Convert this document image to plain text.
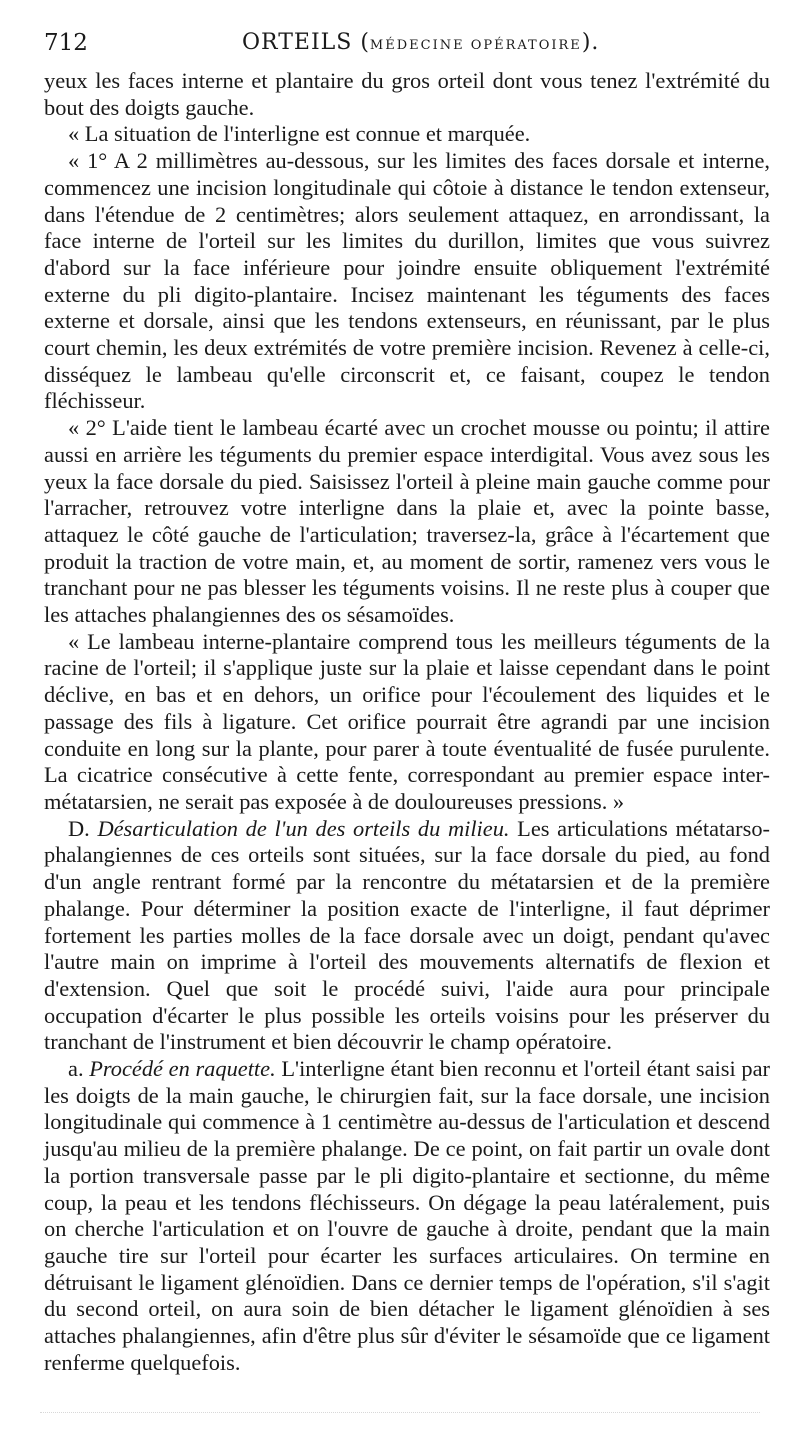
712	ORTEILS (MÉDECINE OPÉRATOIRE).

yeux les faces interne et plantaire du gros orteil dont vous tenez l'extrémité du bout des doigts gauche.

« La situation de l'interligne est connue et marquée.

« 1° A 2 millimètres au-dessous, sur les limites des faces dorsale et interne, commencez une incision longitudinale qui côtoie à distance le tendon extenseur, dans l'étendue de 2 centimètres; alors seulement attaquez, en arrondissant, la face interne de l'orteil sur les limites du durillon, limites que vous suivrez d'abord sur la face inférieure pour joindre ensuite obliquement l'extrémité externe du pli digito-plantaire. Incisez maintenant les téguments des faces externe et dorsale, ainsi que les tendons extenseurs, en réunissant, par le plus court chemin, les deux extrémités de votre première incision. Revenez à celle-ci, disséquez le lambeau qu'elle circonscrit et, ce faisant, coupez le tendon fléchisseur.

« 2° L'aide tient le lambeau écarté avec un crochet mousse ou pointu; il attire aussi en arrière les téguments du premier espace interdigital. Vous avez sous les yeux la face dorsale du pied. Saisissez l'orteil à pleine main gauche comme pour l'arracher, retrouvez votre interligne dans la plaie et, avec la pointe basse, attaquez le côté gauche de l'articulation; traversez-la, grâce à l'écartement que produit la traction de votre main, et, au moment de sortir, ramenez vers vous le tranchant pour ne pas blesser les téguments voisins. Il ne reste plus à couper que les attaches phalangiennes des os sésamoïdes.

« Le lambeau interne-plantaire comprend tous les meilleurs téguments de la racine de l'orteil; il s'applique juste sur la plaie et laisse cependant dans le point déclive, en bas et en dehors, un orifice pour l'écoulement des liquides et le passage des fils à ligature. Cet orifice pourrait être agrandi par une incision conduite en long sur la plante, pour parer à toute éventualité de fusée purulente. La cicatrice consécutive à cette fente, correspondant au premier espace inter-métatarsien, ne serait pas exposée à de douloureuses pressions. »

D. Désarticulation de l'un des orteils du milieu. Les articulations métatarso-phalangiennes de ces orteils sont situées, sur la face dorsale du pied, au fond d'un angle rentrant formé par la rencontre du métatarsien et de la première phalange. Pour déterminer la position exacte de l'interligne, il faut déprimer fortement les parties molles de la face dorsale avec un doigt, pendant qu'avec l'autre main on imprime à l'orteil des mouvements alternatifs de flexion et d'extension. Quel que soit le procédé suivi, l'aide aura pour principale occupation d'écarter le plus possible les orteils voisins pour les préserver du tranchant de l'instrument et bien découvrir le champ opératoire.

a. Procédé en raquette. L'interligne étant bien reconnu et l'orteil étant saisi par les doigts de la main gauche, le chirurgien fait, sur la face dorsale, une incision longitudinale qui commence à 1 centimètre au-dessus de l'articulation et descend jusqu'au milieu de la première phalange. De ce point, on fait partir un ovale dont la portion transversale passe par le pli digito-plantaire et sectionne, du même coup, la peau et les tendons fléchisseurs. On dégage la peau latéralement, puis on cherche l'articulation et on l'ouvre de gauche à droite, pendant que la main gauche tire sur l'orteil pour écarter les surfaces articulaires. On termine en détruisant le ligament glénoïdien. Dans ce dernier temps de l'opération, s'il s'agit du second orteil, on aura soin de bien détacher le ligament glénoïdien à ses attaches phalangiennes, afin d'être plus sûr d'éviter le sésamoïde que ce ligament renferme quelquefois.
